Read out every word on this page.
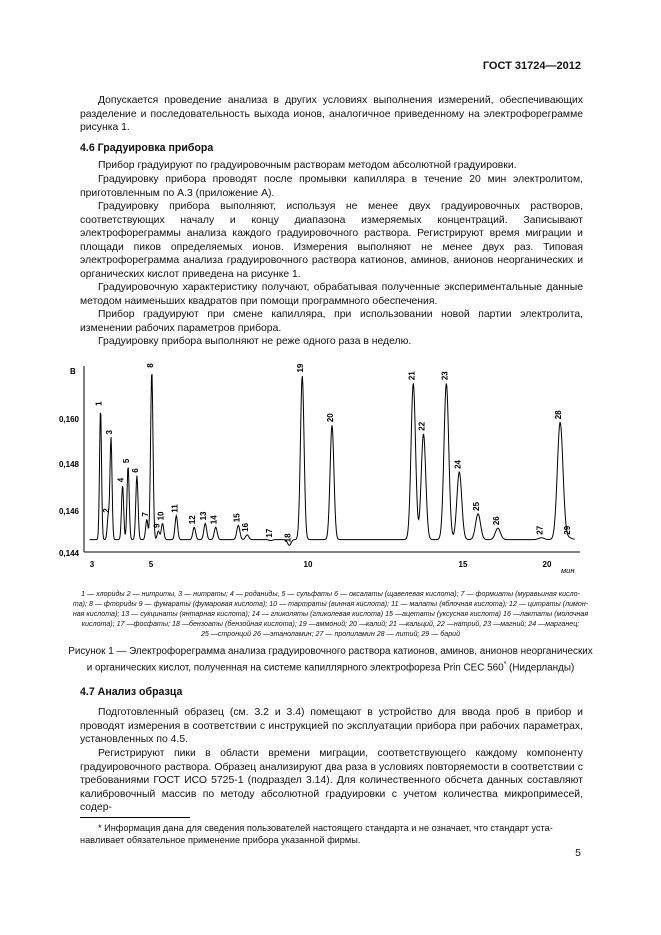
ГОСТ 31724—2012
Допускается проведение анализа в других условиях выполнения измерений, обеспечивающих разделение и последовательность выхода ионов, аналогичное приведенному на электрофореграмме рисунка 1.
4.6 Градуировка прибора
Прибор градуируют по градуировочным растворам методом абсолютной градуировки.
Градуировку прибора проводят после промывки капилляра в течение 20 мин электролитом, приготовленным по А.3 (приложение А).
Градуировку прибора выполняют, используя не менее двух градуировочных растворов, соответствующих началу и концу диапазона измеряемых концентраций. Записывают электрофореграммы анализа каждого градуировочного раствора. Регистрируют время миграции и площади пиков определяемых ионов. Измерения выполняют не менее двух раз. Типовая электрофореграмма анализа градуировочного раствора катионов, аминов, анионов неорганических и органических кислот приведена на рисунке 1.
Градуировочную характеристику получают, обрабатывая полученные экспериментальные данные методом наименьших квадратов при помощи программного обеспечения.
Прибор градуируют при смене капилляра, при использовании новой партии электролита, изменении рабочих параметров прибора.
Градуировку прибора выполняют не реже одного раза в неделю.
В
мин
0,160
0,148
0,146
0,144
3	5	10	15	20
1
2
3
4
5
6
7
8
9
10
11
12 13 14 15
16
17
18
19
20
21
22
23
24
25
26
27
28
29
1 — хлориды 2 — нитриты, 3 — нитраты; 4 — роданиды, 5 — сульфаты 6 — оксалаты (щавелевая кислота); 7 — формиаты (муравьиная кисло-
та); 8 — фториды 9 — фумараты (фумаровая кислота); 10 — тартраты (винная кислота); 11 — малаты (яблочная кислота); 12 — цитраты (лимон-
ная кислота); 13 — сукцинаты (янтарная кислота); 14 — гликоляты (гликолевая кислота) 15 —ацетаты (уксусная кислота) 16 —лактаты (молочная
кислота); 17 —фосфаты; 18 —бензоаты (бензойная кислота); 19 —аммоний; 20 —калий; 21 —кальций, 22 —натрий, 23 —магний; 24 —марганец;
25 —стронций 26 —этаноламин; 27 — пропиламин 28 — литий; 29 — барий
Рисунок 1 — Электрофореграмма анализа градуировочного раствора катионов, аминов, анионов неорганических
и органических кислот, полученная на системе капиллярного электрофореза Prin CEC 560* (Нидерланды)
4.7 Анализ образца
Подготовленный образец (см. 3.2 и 3.4) помещают в устройство для ввода проб в прибор и проводят измерения в соответствии с инструкцией по эксплуатации прибора при рабочих параметрах, установленных по 4.5.
Регистрируют пики в области времени миграции, соответствующего каждому компоненту градуировочного раствора. Образец анализируют два раза в условиях повторяемости в соответствии с требованиями ГОСТ ИСО 5725-1 (подраздел 3.14). Для количественного обсчета данных составляют калибровочный массив по методу абсолютной градуировки с учетом количества микропримесей, содер-
* Информация дана для сведения пользователей настоящего стандарта и не означает, что стандарт уста-
навливает обязательное применение прибора указанной фирмы.
5
